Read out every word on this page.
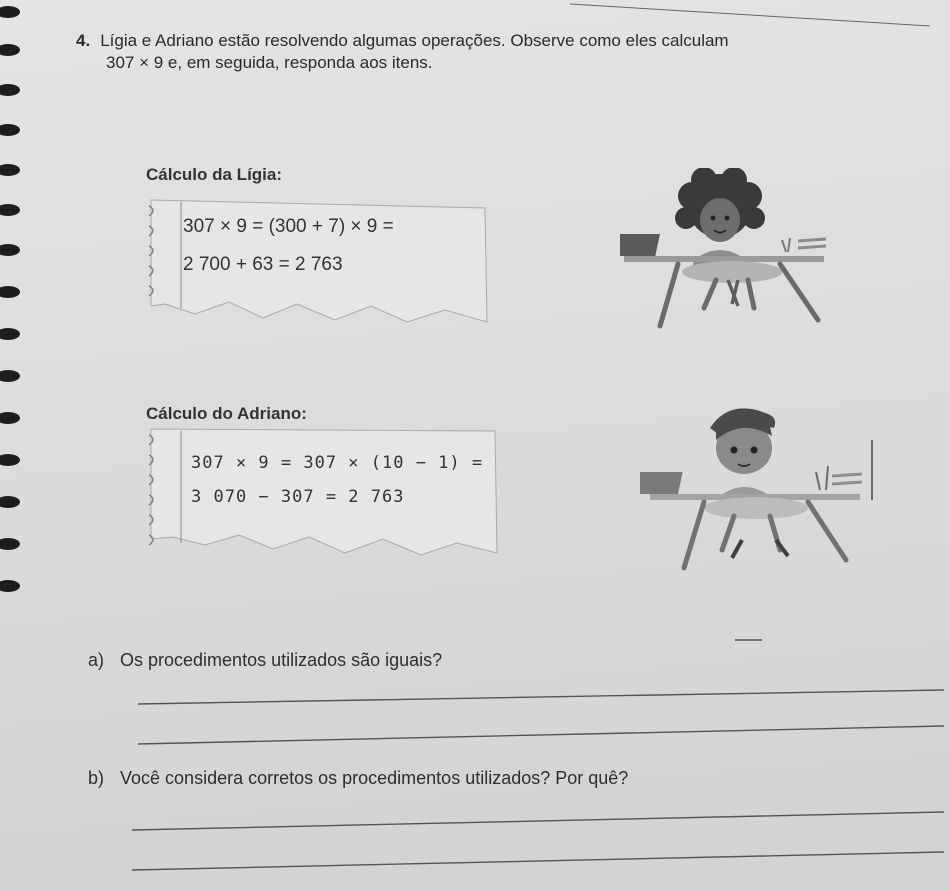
4. Lígia e Adriano estão resolvendo algumas operações. Observe como eles calculam
307 × 9 e, em seguida, responda aos itens.
Cálculo da Lígia:
307 × 9 = (300 + 7) × 9 =
2 700 + 63 = 2 763
Cálculo do Adriano:
307 × 9 = 307 × (10 − 1) =
3 070 − 307 = 2 763
a) Os procedimentos utilizados são iguais?
b) Você considera corretos os procedimentos utilizados? Por quê?
